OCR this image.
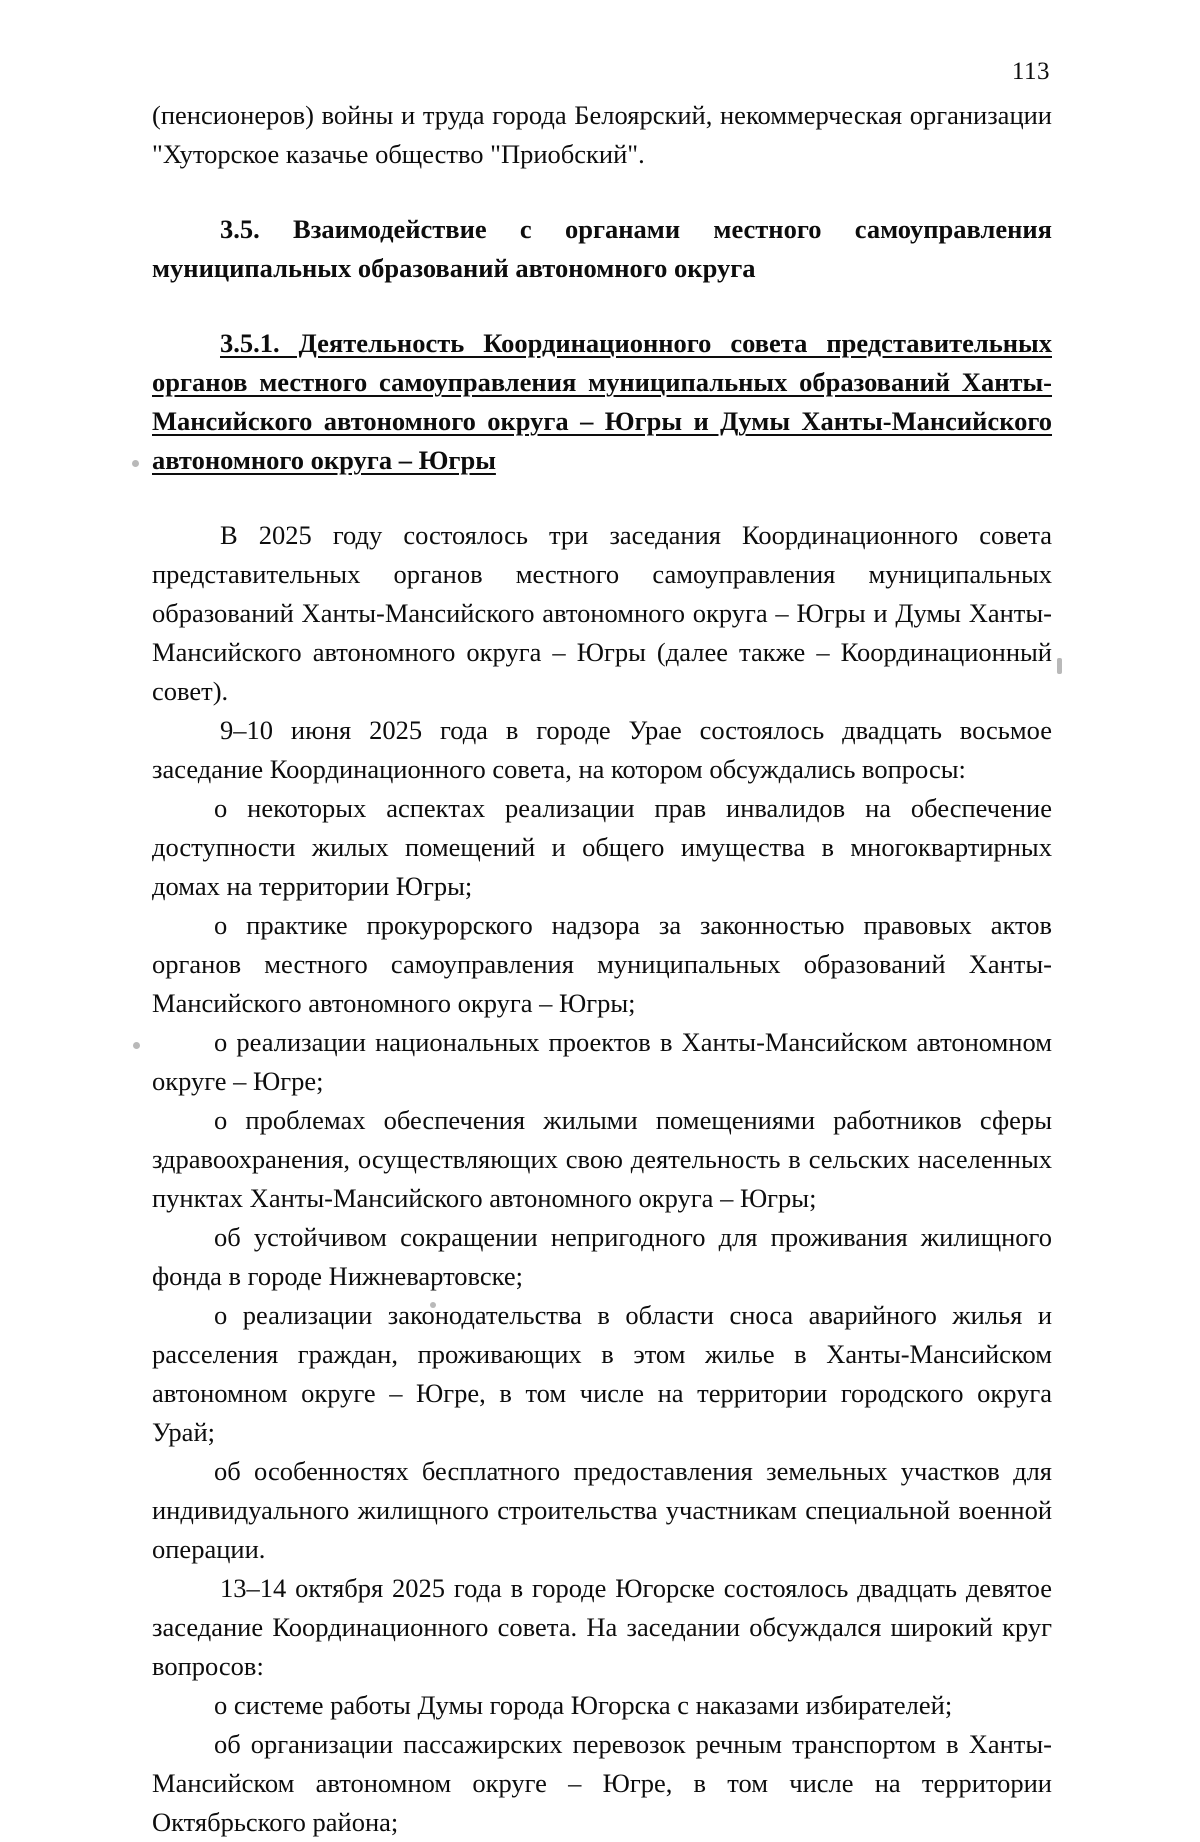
113

(пенсионеров) войны и труда города Белоярский, некоммерческая организации "Хуторское казачье общество "Приобский".

3.5. Взаимодействие с органами местного самоуправления муниципальных образований автономного округа

3.5.1. Деятельность Координационного совета представительных органов местного самоуправления муниципальных образований Ханты-Мансийского автономного округа – Югры и Думы Ханты-Мансийского автономного округа – Югры

В 2025 году состоялось три заседания Координационного совета представительных органов местного самоуправления муниципальных образований Ханты-Мансийского автономного округа – Югры и Думы Ханты-Мансийского автономного округа – Югры (далее также – Координационный совет).

9–10 июня 2025 года в городе Урае состоялось двадцать восьмое заседание Координационного совета, на котором обсуждались вопросы:

о некоторых аспектах реализации прав инвалидов на обеспечение доступности жилых помещений и общего имущества в многоквартирных домах на территории Югры;

о практике прокурорского надзора за законностью правовых актов органов местного самоуправления муниципальных образований Ханты-Мансийского автономного округа – Югры;

о реализации национальных проектов в Ханты-Мансийском автономном округе – Югре;

о проблемах обеспечения жилыми помещениями работников сферы здравоохранения, осуществляющих свою деятельность в сельских населенных пунктах Ханты-Мансийского автономного округа – Югры;

об устойчивом сокращении непригодного для проживания жилищного фонда в городе Нижневартовске;

о реализации законодательства в области сноса аварийного жилья и расселения граждан, проживающих в этом жилье в Ханты-Мансийском автономном округе – Югре, в том числе на территории городского округа Урай;

об особенностях бесплатного предоставления земельных участков для индивидуального жилищного строительства участникам специальной военной операции.

13–14 октября 2025 года в городе Югорске состоялось двадцать девятое заседание Координационного совета. На заседании обсуждался широкий круг вопросов:

о системе работы Думы города Югорска с наказами избирателей;

об организации пассажирских перевозок речным транспортом в Ханты-Мансийском автономном округе – Югре, в том числе на территории Октябрьского района;
